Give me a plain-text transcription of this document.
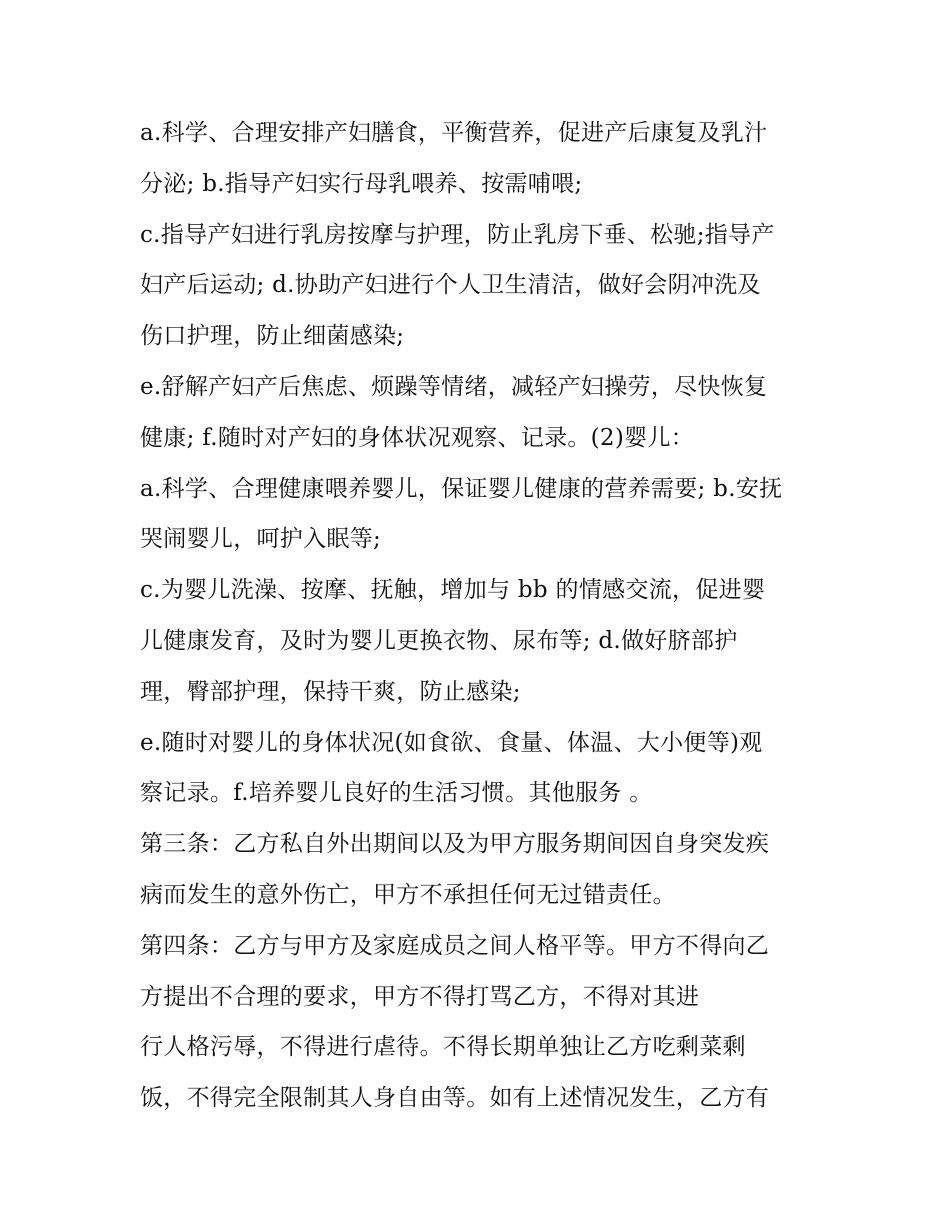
a.科学、合理安排产妇膳食，平衡营养，促进产后康复及乳汁
分泌; b.指导产妇实行母乳喂养、按需哺喂;
c.指导产妇进行乳房按摩与护理，防止乳房下垂、松驰;指导产
妇产后运动; d.协助产妇进行个人卫生清洁，做好会阴冲洗及
伤口护理，防止细菌感染;
e.舒解产妇产后焦虑、烦躁等情绪，减轻产妇操劳，尽快恢复
健康; f.随时对产妇的身体状况观察、记录。(2)婴儿：
a.科学、合理健康喂养婴儿，保证婴儿健康的营养需要; b.安抚
哭闹婴儿，呵护入眠等;
c.为婴儿洗澡、按摩、抚触，增加与 bb 的情感交流，促进婴
儿健康发育，及时为婴儿更换衣物、尿布等; d.做好脐部护
理，臀部护理，保持干爽，防止感染;
e.随时对婴儿的身体状况(如食欲、食量、体温、大小便等)观
察记录。f.培养婴儿良好的生活习惯。其他服务 。
第三条：乙方私自外出期间以及为甲方服务期间因自身突发疾
病而发生的意外伤亡，甲方不承担任何无过错责任。
第四条：乙方与甲方及家庭成员之间人格平等。甲方不得向乙
方提出不合理的要求，甲方不得打骂乙方，不得对其进
行人格污辱，不得进行虐待。不得长期单独让乙方吃剩菜剩
饭，不得完全限制其人身自由等。如有上述情况发生，乙方有
